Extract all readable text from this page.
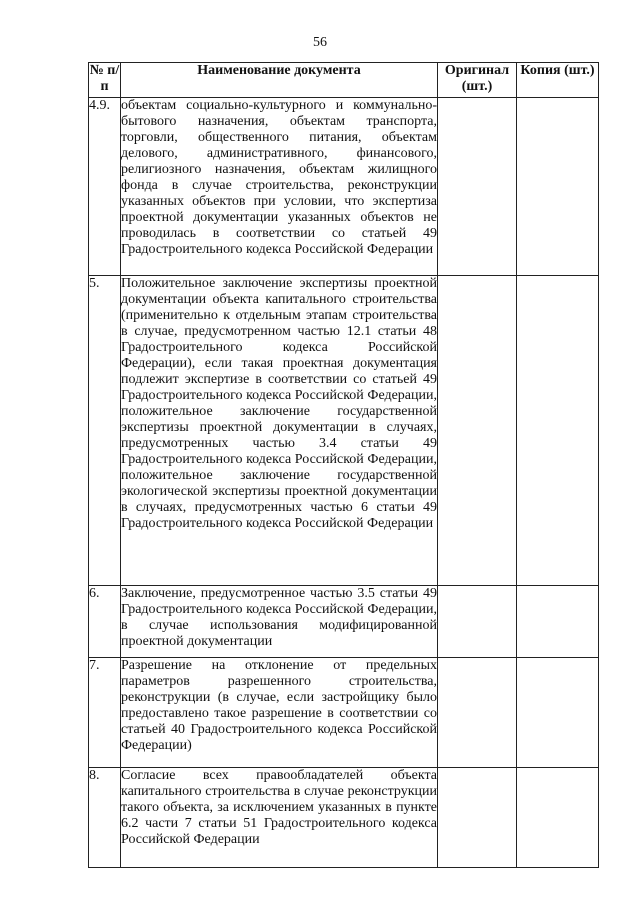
56
№ п/п	Наименование документа	Оригинал (шт.)	Копия (шт.)
4.9.	объектам социально-культурного и коммунально-бытового назначения, объектам транспорта, торговли, общественного питания, объектам делового, административного, финансового, религиозного назначения, объектам жилищного фонда в случае строительства, реконструкции указанных объектов при условии, что экспертиза проектной документации указанных объектов не проводилась в соответствии со статьей 49 Градостроительного кодекса Российской Федерации		
5.	Положительное заключение экспертизы проектной документации объекта капитального строительства (применительно к отдельным этапам строительства в случае, предусмотренном частью 12.1 статьи 48 Градостроительного кодекса Российской Федерации), если такая проектная документация подлежит экспертизе в соответствии со статьей 49 Градостроительного кодекса Российской Федерации, положительное заключение государственной экспертизы проектной документации в случаях, предусмотренных частью 3.4 статьи 49 Градостроительного кодекса Российской Федерации, положительное заключение государственной экологической экспертизы проектной документации в случаях, предусмотренных частью 6 статьи 49 Градостроительного кодекса Российской Федерации		
6.	Заключение, предусмотренное частью 3.5 статьи 49 Градостроительного кодекса Российской Федерации, в случае использования модифицированной проектной документации		
7.	Разрешение на отклонение от предельных параметров разрешенного строительства, реконструкции (в случае, если застройщику было предоставлено такое разрешение в соответствии со статьей 40 Градостроительного кодекса Российской Федерации)		
8.	Согласие всех правообладателей объекта капитального строительства в случае реконструкции такого объекта, за исключением указанных в пункте 6.2 части 7 статьи 51 Градостроительного кодекса Российской Федерации		
